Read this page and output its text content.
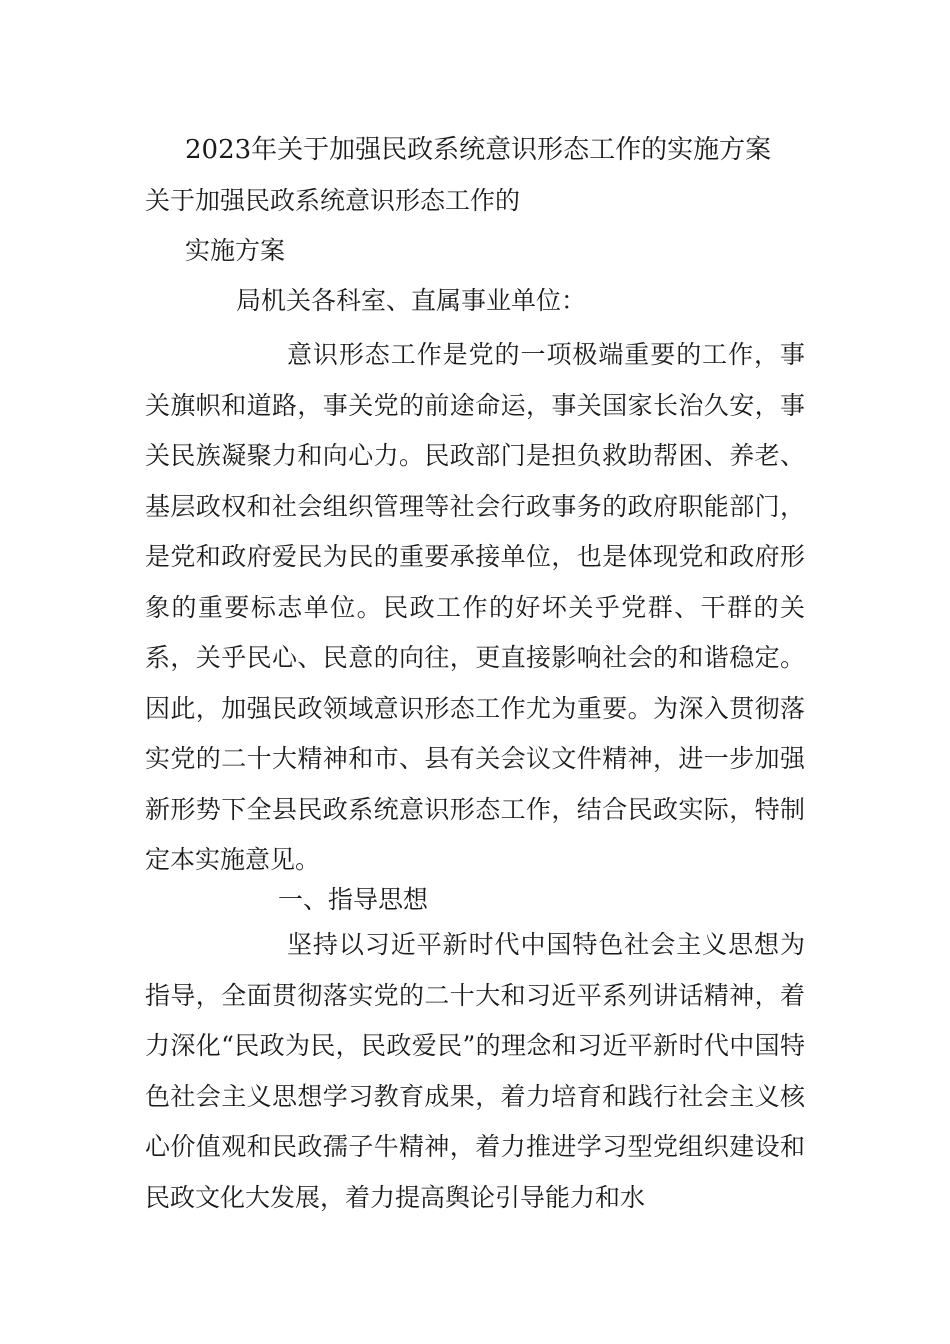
2023年关于加强民政系统意识形态工作的实施方案
关于加强民政系统意识形态工作的
实施方案
局机关各科室、直属事业单位：

意识形态工作是党的一项极端重要的工作，事关旗帜和道路，事关党的前途命运，事关国家长治久安，事关民族凝聚力和向心力。民政部门是担负救助帮困、养老、基层政权和社会组织管理等社会行政事务的政府职能部门，是党和政府爱民为民的重要承接单位，也是体现党和政府形象的重要标志单位。民政工作的好坏关乎党群、干群的关系，关乎民心、民意的向往，更直接影响社会的和谐稳定。因此，加强民政领域意识形态工作尤为重要。为深入贯彻落实党的二十大精神和市、县有关会议文件精神，进一步加强新形势下全县民政系统意识形态工作，结合民政实际，特制定本实施意见。

一、指导思想

坚持以习近平新时代中国特色社会主义思想为指导，全面贯彻落实党的二十大和习近平系列讲话精神，着力深化“民政为民，民政爱民”的理念和习近平新时代中国特色社会主义思想学习教育成果，着力培育和践行社会主义核心价值观和民政孺子牛精神，着力推进学习型党组织建设和民政文化大发展，着力提高舆论引导能力和水
